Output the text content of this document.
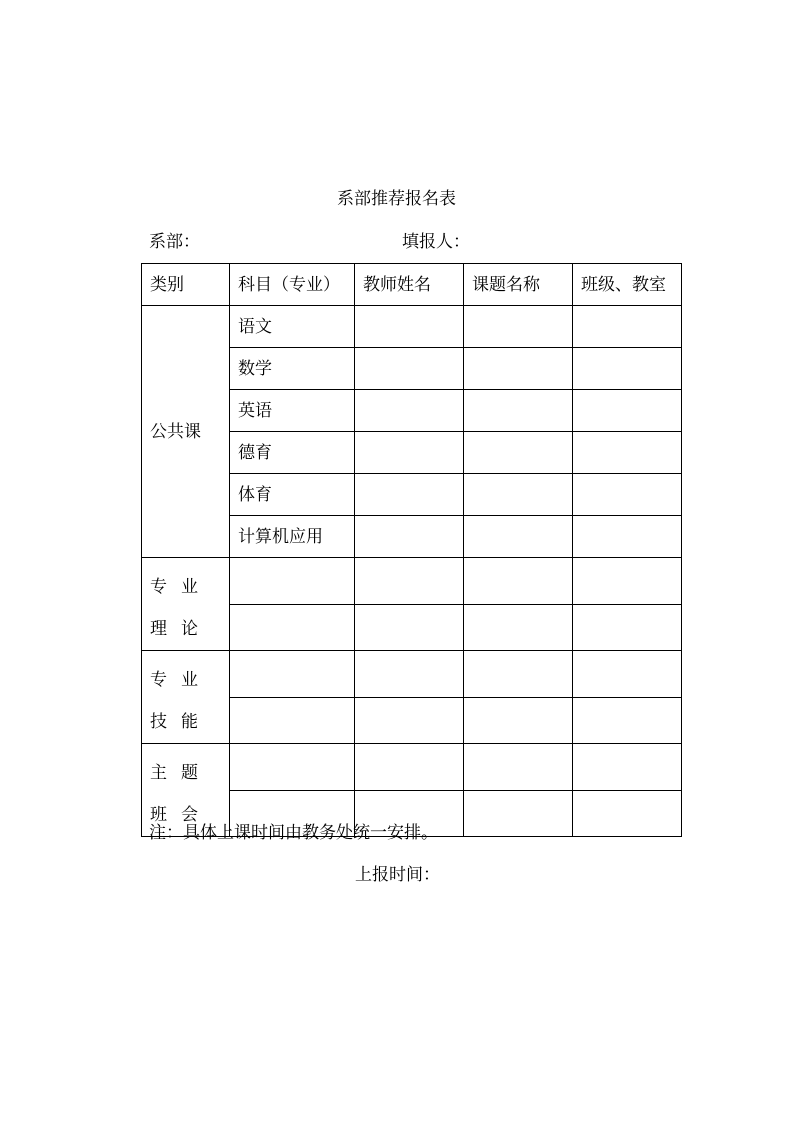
系部推荐报名表
系部：	填报人：
类别	科目（专业）	教师姓名	课题名称	班级、教室
公共课	语文			
	数学			
	英语			
	德育			
	体育			
	计算机应用			
专业理论				

专业技能				

主题班会				

注：具体上课时间由教务处统一安排。
上报时间：
